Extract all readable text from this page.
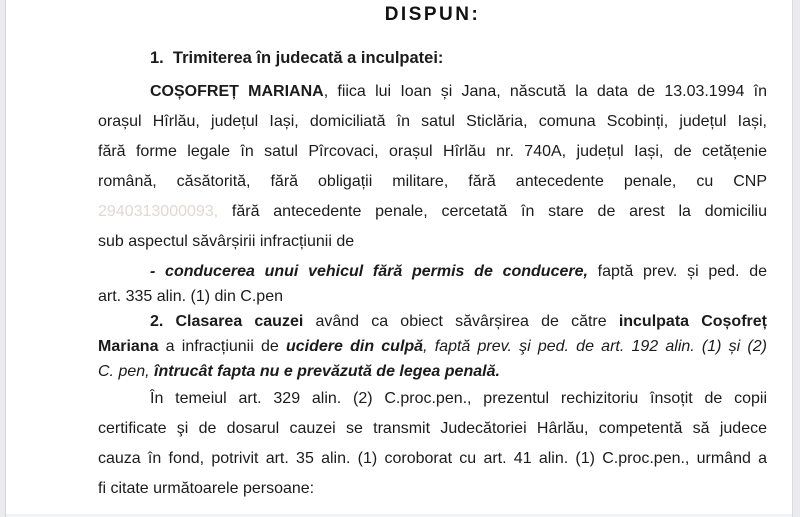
DISPUN:
1.  Trimiterea în judecată a inculpatei:
COȘOFREȚ MARIANA, fiica lui Ioan și Jana, născută la data de 13.03.1994 în
orașul Hîrlău, județul Iași, domiciliată în satul Sticlăria, comuna Scobinți, județul Iași,
fără forme legale în satul Pîrcovaci, orașul Hîrlău nr. 740A, județul Iași, de cetățenie
română, căsătorită, fără obligații militare, fără antecedente penale, cu CNP
2940313000093, fără antecedente penale, cercetată în stare de arest la domiciliu
sub aspectul săvârșirii infracțiunii de
- conducerea unui vehicul fără permis de conducere, faptă prev. și ped. de
art. 335 alin. (1) din C.pen
2. Clasarea cauzei având ca obiect săvârșirea de către inculpata Coșofreț
Mariana a infracțiunii de ucidere din culpă, faptă prev. şi ped. de art. 192 alin. (1) și (2)
C. pen, întrucât fapta nu e prevăzută de legea penală.
În temeiul art. 329 alin. (2) C.proc.pen., prezentul rechizitoriu însoțit de copii
certificate şi de dosarul cauzei se transmit Judecătoriei Hârlău, competentă să judece
cauza în fond, potrivit art. 35 alin. (1) coroborat cu art. 41 alin. (1) C.proc.pen., urmând a
fi citate următoarele persoane:
